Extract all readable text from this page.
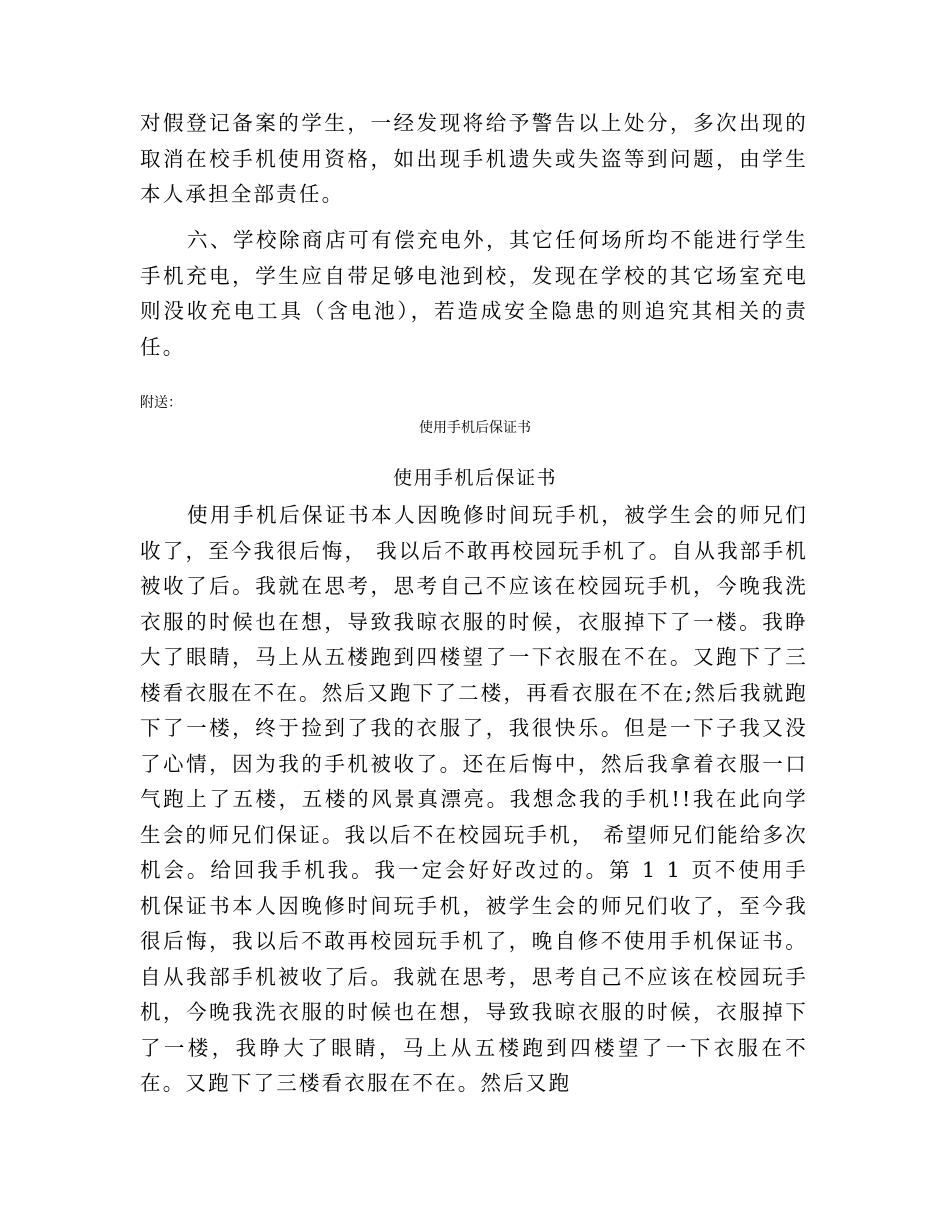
对假登记备案的学生，一经发现将给予警告以上处分，多次出现的取消在校手机使用资格，如出现手机遗失或失盗等到问题，由学生本人承担全部责任。

六、学校除商店可有偿充电外，其它任何场所均不能进行学生手机充电，学生应自带足够电池到校，发现在学校的其它场室充电则没收充电工具（含电池），若造成安全隐患的则追究其相关的责任。

附送：

使用手机后保证书

使用手机后保证书

使用手机后保证书本人因晚修时间玩手机，被学生会的师兄们收了，至今我很后悔， 我以后不敢再校园玩手机了。自从我部手机被收了后。我就在思考，思考自己不应该在校园玩手机，今晚我洗衣服的时候也在想，导致我晾衣服的时候，衣服掉下了一楼。我睁大了眼睛，马上从五楼跑到四楼望了一下衣服在不在。又跑下了三楼看衣服在不在。然后又跑下了二楼，再看衣服在不在;然后我就跑下了一楼，终于捡到了我的衣服了，我很快乐。但是一下子我又没了心情，因为我的手机被收了。还在后悔中，然后我拿着衣服一口气跑上了五楼，五楼的风景真漂亮。我想念我的手机!!我在此向学生会的师兄们保证。我以后不在校园玩手机， 希望师兄们能给多次机会。给回我手机我。我一定会好好改过的。第 1 1 页不使用手机保证书本人因晚修时间玩手机，被学生会的师兄们收了，至今我很后悔，我以后不敢再校园玩手机了，晚自修不使用手机保证书。自从我部手机被收了后。我就在思考，思考自己不应该在校园玩手机，今晚我洗衣服的时候也在想，导致我晾衣服的时候，衣服掉下了一楼，我睁大了眼睛，马上从五楼跑到四楼望了一下衣服在不在。又跑下了三楼看衣服在不在。然后又跑
